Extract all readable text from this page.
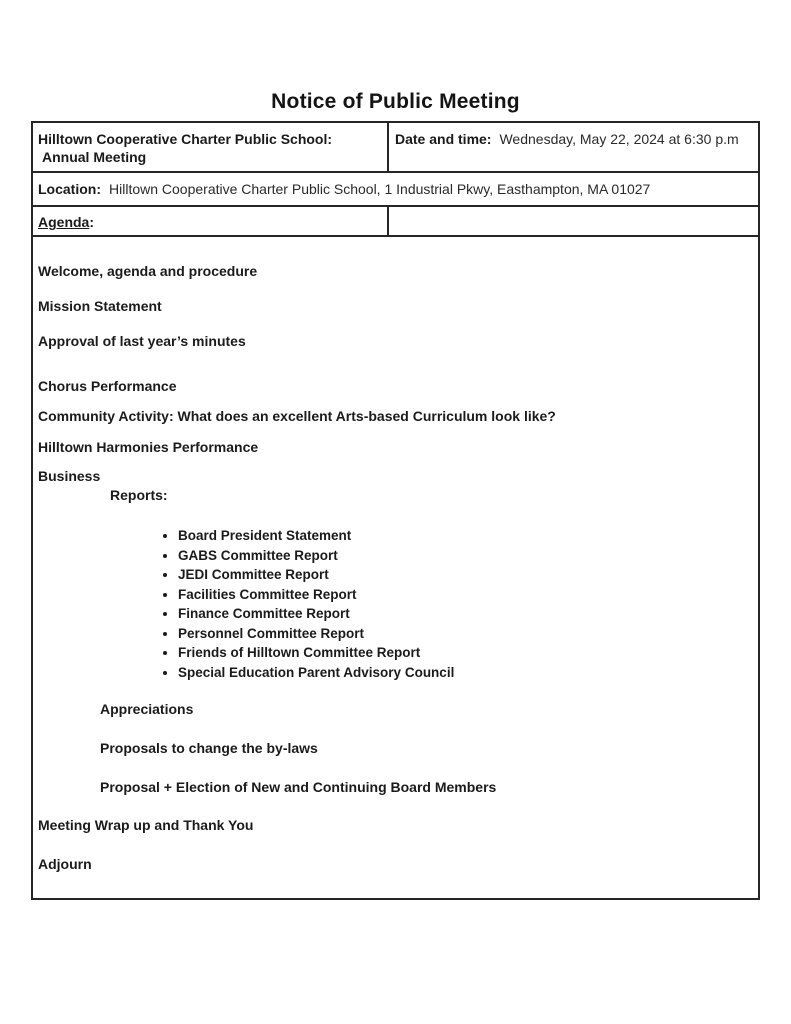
Notice of Public Meeting
Hilltown Cooperative Charter Public School:
Annual Meeting	Date and time: Wednesday, May 22, 2024 at 6:30 p.m
Location: Hilltown Cooperative Charter Public School, 1 Industrial Pkwy, Easthampton, MA 01027	
Agenda:	

Welcome, agenda and procedure

Mission Statement

Approval of last year’s minutes

Chorus Performance

Community Activity: What does an excellent Arts-based Curriculum look like?

Hilltown Harmonies Performance

Business

Reports:

• Board President Statement
• GABS Committee Report
• JEDI Committee Report
• Facilities Committee Report
• Finance Committee Report
• Personnel Committee Report
• Friends of Hilltown Committee Report
• Special Education Parent Advisory Council

Appreciations

Proposals to change the by-laws

Proposal + Election of New and Continuing Board Members

Meeting Wrap up and Thank You

Adjourn
